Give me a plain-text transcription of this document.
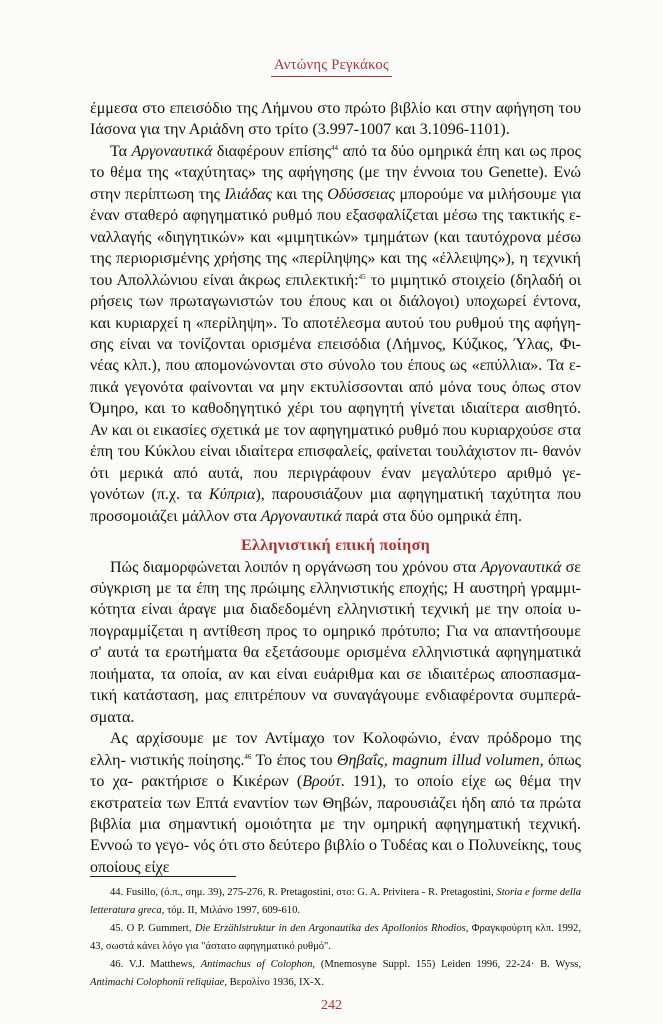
Αντώνης Ρεγκάκος

έμμεσα στο επεισόδιο της Λήμνου στο πρώτο βιβλίο και στην αφήγηση του Ιάσονα για την Αριάδνη στο τρίτο (3.997-1007 και 3.1096-1101).

Τα Αργοναυτικά διαφέρουν επίσης$^{44}$ από τα δύο ομηρικά έπη και ως προς το θέμα της «ταχύτητας» της αφήγησης (με την έννοια του Genette). Ενώ στην περίπτωση της Ιλιάδας και της Οδύσσειας μπορούμε να μιλήσουμε για έναν σταθερό αφηγηματικό ρυθμό που εξασφαλίζεται μέσω της τακτικής ε- ναλλαγής «διηγητικών» και «μιμητικών» τμημάτων (και ταυτόχρονα μέσω της περιορισμένης χρήσης της «περίληψης» και της «έλλειψης»), η τεχνική του Απολλώνιου είναι άκρως επιλεκτική:$^{45}$ το μιμητικό στοιχείο (δηλαδή οι ρήσεις των πρωταγωνιστών του έπους και οι διάλογοι) υποχωρεί έντονα, και κυριαρχεί η «περίληψη». Το αποτέλεσμα αυτού του ρυθμού της αφήγη- σης είναι να τονίζονται ορισμένα επεισόδια (Λήμνος, Κύζικος, Ύλας, Φι- νέας κλπ.), που απομονώνονται στο σύνολο του έπους ως «επύλλια». Τα ε- πικά γεγονότα φαίνονται να μην εκτυλίσσονται από μόνα τους όπως στον Όμηρο, και το καθοδηγητικό χέρι του αφηγητή γίνεται ιδιαίτερα αισθητό. Αν και οι εικασίες σχετικά με τον αφηγηματικό ρυθμό που κυριαρχούσε στα έπη του Κύκλου είναι ιδιαίτερα επισφαλείς, φαίνεται τουλάχιστον πι- θανόν ότι μερικά από αυτά, που περιγράφουν έναν μεγαλύτερο αριθμό γε- γονότων (π.χ. τα Κύπρια), παρουσιάζουν μια αφηγηματική ταχύτητα που προσομοιάζει μάλλον στα Αργοναυτικά παρά στα δύο ομηρικά έπη.

Ελληνιστική επική ποίηση

Πώς διαμορφώνεται λοιπόν η οργάνωση του χρόνου στα Αργοναυτικά σε σύγκριση με τα έπη της πρώιμης ελληνιστικής εποχής; Η αυστηρή γραμμι- κότητα είναι άραγε μια διαδεδομένη ελληνιστική τεχνική με την οποία υ- πογραμμίζεται η αντίθεση προς το ομηρικό πρότυπο; Για να απαντήσουμε σ' αυτά τα ερωτήματα θα εξετάσουμε ορισμένα ελληνιστικά αφηγηματικά ποιήματα, τα οποία, αν και είναι ευάριθμα και σε ιδιαιτέρως αποσπασμα- τική κατάσταση, μας επιτρέπουν να συναγάγουμε ενδιαφέροντα συμπερά- σματα.

Ας αρχίσουμε με τον Αντίμαχο τον Κολοφώνιο, έναν πρόδρομο της ελλη- νιστικής ποίησης.$^{46}$ Το έπος του Θηβαΐς, magnum illud volumen, όπως το χα- ρακτήρισε ο Κικέρων (Βρούτ. 191), το οποίο είχε ως θέμα την εκστρατεία των Επτά εναντίον των Θηβών, παρουσιάζει ήδη από τα πρώτα βιβλία μια σημαντική ομοιότητα με την ομηρική αφηγηματική τεχνική. Εννοώ το γεγο- νός ότι στο δεύτερο βιβλίο ο Τυδέας και ο Πολυνείκης, τους οποίους είχε

44. Fusillo, (ό.π., σημ. 39), 275-276, R. Pretagostini, στο: G. A. Privitera - R. Pretagostini, Storia e forme della letteratura greca, τόμ. II, Μιλάνο 1997, 609-610.

45. O P. Gummert, Die Erzählstruktur in den Argonautika des Apollonios Rhodios, Φραγκφούρτη κλπ. 1992, 43, σωστά κάνει λόγο για "άστατο αφηγηματικό ρυθμό".

46. V.J. Matthews, Antimachus of Colophon, (Mnemosyne Suppl. 155) Leiden 1996, 22-24· B. Wyss, Antimachi Colophonii reliquiae, Βερολίνο 1936, IX-X.

242
